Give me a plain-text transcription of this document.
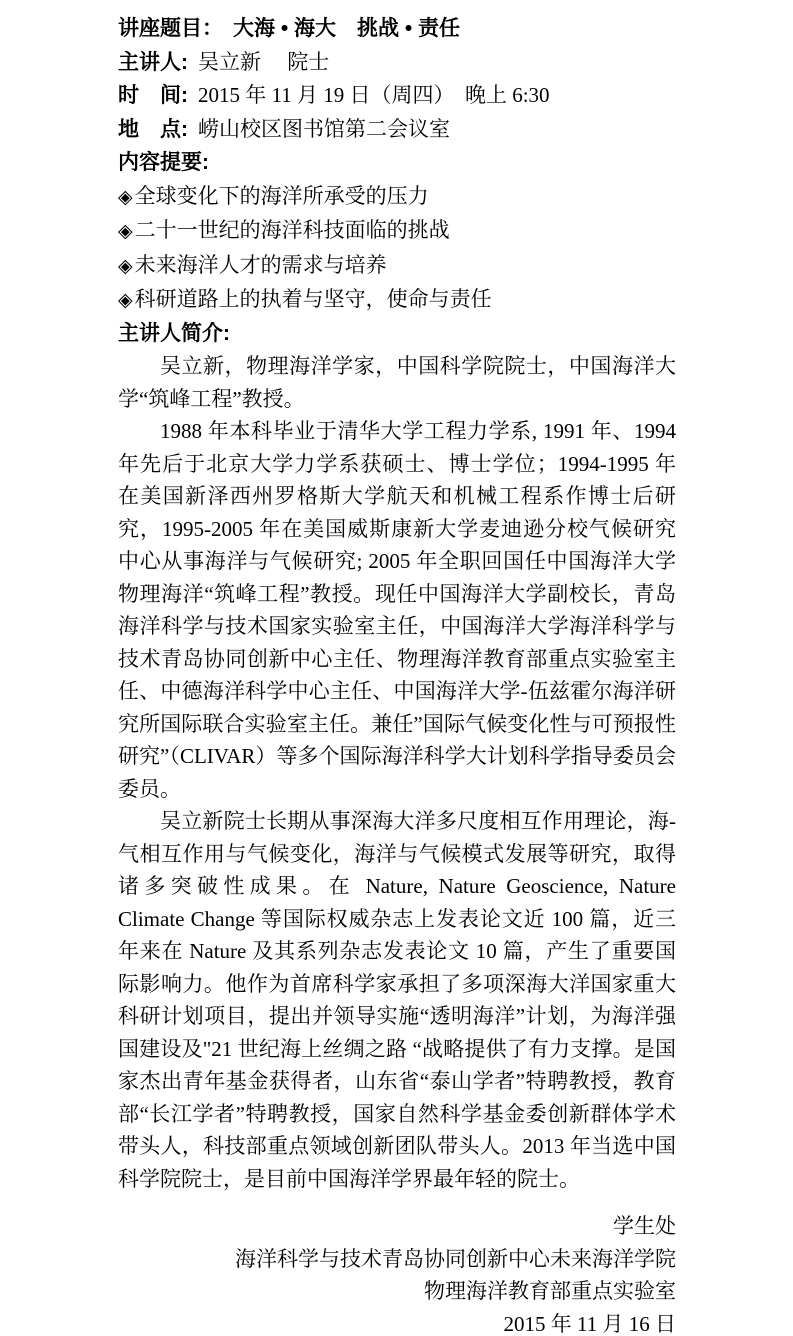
讲座题目： 大海 • 海大　挑战 • 责任
主讲人: 吴立新　 院士
时　间: 2015 年 11 月 19 日（周四）　晚上 6:30
地　点: 崂山校区图书馆第二会议室
内容提要:
◈全球变化下的海洋所承受的压力
◈二十一世纪的海洋科技面临的挑战
◈未来海洋人才的需求与培养
◈科研道路上的执着与坚守，使命与责任
主讲人简介:

吴立新，物理海洋学家，中国科学院院士，中国海洋大学“筑峰工程”教授。

1988 年本科毕业于清华大学工程力学系, 1991 年、1994 年先后于北京大学力学系获硕士、博士学位；1994-1995 年在美国新泽西州罗格斯大学航天和机械工程系作博士后研究，1995-2005 年在美国威斯康新大学麦迪逊分校气候研究中心从事海洋与气候研究; 2005 年全职回国任中国海洋大学物理海洋“筑峰工程”教授。现任中国海洋大学副校长，青岛海洋科学与技术国家实验室主任，中国海洋大学海洋科学与技术青岛协同创新中心主任、物理海洋教育部重点实验室主任、中德海洋科学中心主任、中国海洋大学-伍兹霍尔海洋研究所国际联合实验室主任。兼任”国际气候变化性与可预报性研究”（CLIVAR）等多个国际海洋科学大计划科学指导委员会委员。

吴立新院士长期从事深海大洋多尺度相互作用理论，海-气相互作用与气候变化，海洋与气候模式发展等研究，取得诸多突破性成果。在 Nature, Nature Geoscience, Nature Climate Change 等国际权威杂志上发表论文近 100 篇，近三年来在 Nature 及其系列杂志发表论文 10 篇，产生了重要国际影响力。他作为首席科学家承担了多项深海大洋国家重大科研计划项目，提出并领导实施“透明海洋”计划，为海洋强国建设及"21 世纪海上丝绸之路 “战略提供了有力支撑。是国家杰出青年基金获得者，山东省“泰山学者”特聘教授，教育部“长江学者”特聘教授，国家自然科学基金委创新群体学术带头人，科技部重点领域创新团队带头人。2013 年当选中国科学院院士，是目前中国海洋学界最年轻的院士。

学生处
海洋科学与技术青岛协同创新中心未来海洋学院
物理海洋教育部重点实验室
2015 年 11 月 16 日
